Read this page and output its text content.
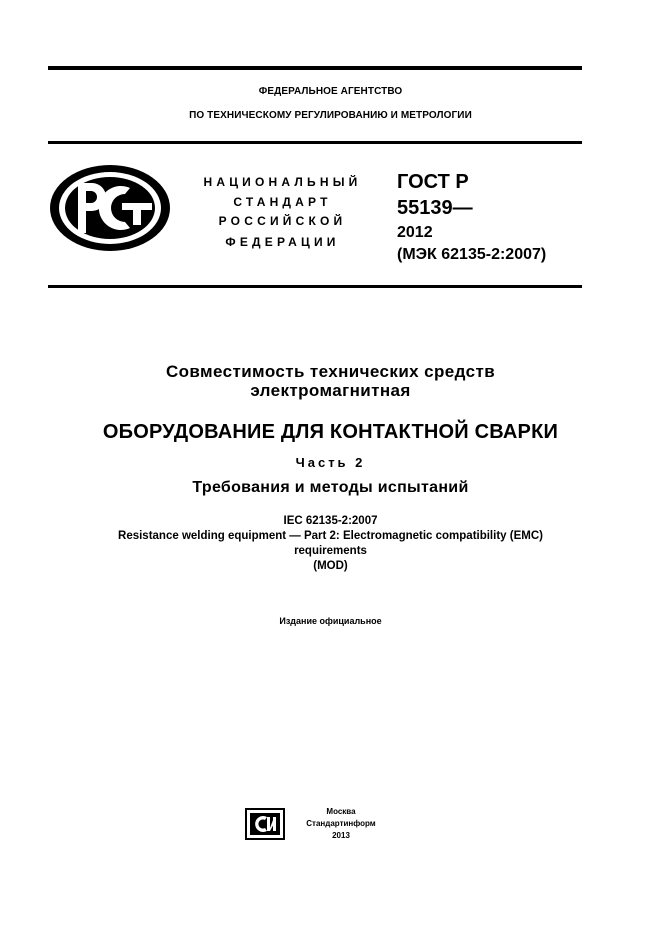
ФЕДЕРАЛЬНОЕ АГЕНТСТВО
ПО ТЕХНИЧЕСКОМУ РЕГУЛИРОВАНИЮ И МЕТРОЛОГИИ
НАЦИОНАЛЬНЫЙ
СТАНДАРТ
РОССИЙСКОЙ
ФЕДЕРАЦИИ
ГОСТ Р
55139—
2012
(МЭК 62135-2:2007)
Совместимость технических средств
электромагнитная
ОБОРУДОВАНИЕ ДЛЯ КОНТАКТНОЙ СВАРКИ
Часть 2
Требования и методы испытаний
IEC 62135-2:2007
Resistance welding equipment — Part 2: Electromagnetic compatibility (EMC)
requirements
(MOD)
Издание официальное
Москва
Стандартинформ
2013
